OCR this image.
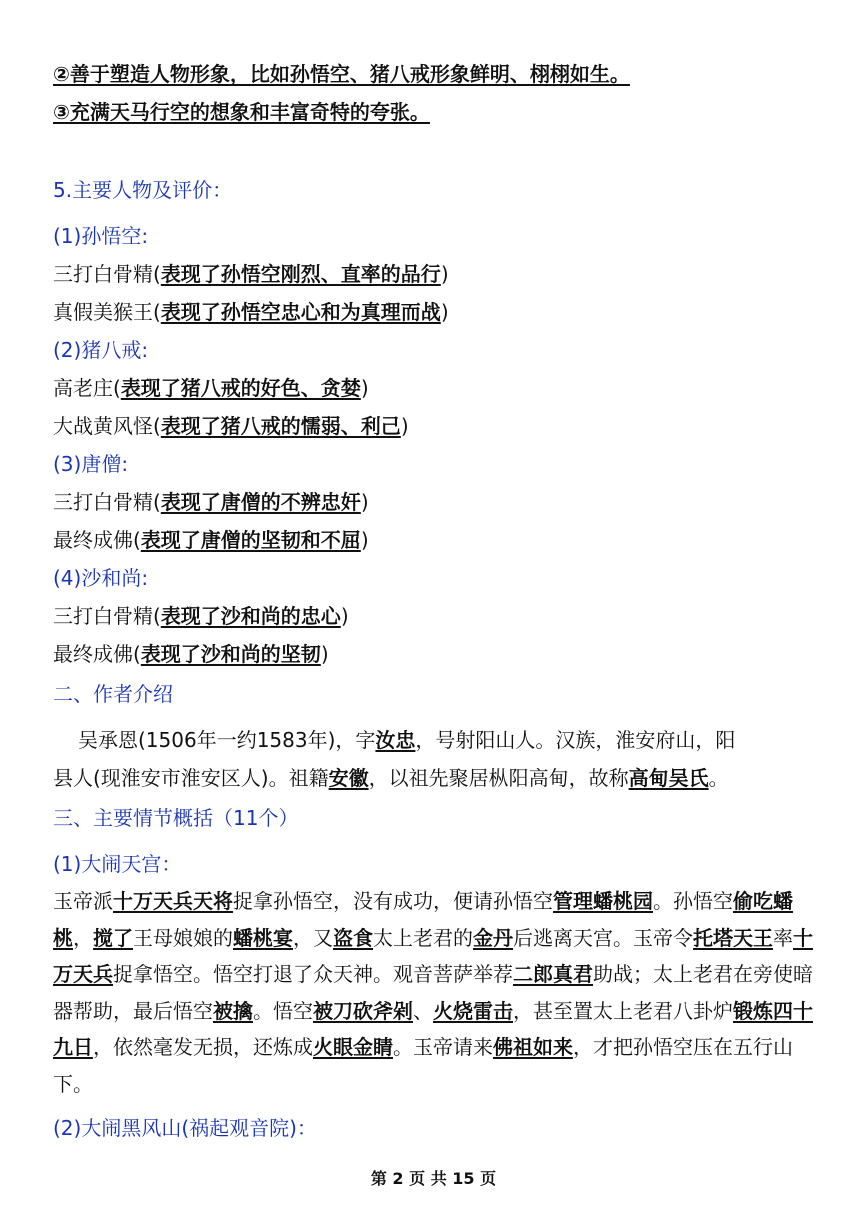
②善于塑造人物形象，比如孙悟空、猪八戒形象鲜明、栩栩如生。
③充满天马行空的想象和丰富奇特的夸张。
5.主要人物及评价：
(1)孙悟空:
三打白骨精(表现了孙悟空刚烈、直率的品行)
真假美猴王(表现了孙悟空忠心和为真理而战)
(2)猪八戒:
高老庄(表现了猪八戒的好色、贪婪)
大战黄风怪(表现了猪八戒的懦弱、利己)
(3)唐僧:
三打白骨精(表现了唐僧的不辨忠奸)
最终成佛(表现了唐僧的坚韧和不屈)
(4)沙和尚:
三打白骨精(表现了沙和尚的忠心)
最终成佛(表现了沙和尚的坚韧)
二、作者介绍
吴承恩(1506年一约1583年)，字汝忠，号射阳山人。汉族，淮安府山，阳
县人(现淮安市淮安区人)。祖籍安徽，以祖先聚居枞阳高甸，故称高甸吴氏。
三、主要情节概括（11个）
(1)大闹天宫：
玉帝派十万天兵天将捉拿孙悟空，没有成功，便请孙悟空管理蟠桃园。孙悟空偷吃蟠桃，搅了王母娘娘的蟠桃宴，又盗食太上老君的金丹后逃离天宫。玉帝令托塔天王率十万天兵捉拿悟空。悟空打退了众天神。观音菩萨举荐二郎真君助战；太上老君在旁使暗器帮助，最后悟空被擒。悟空被刀砍斧剁、火烧雷击，甚至置太上老君八卦炉锻炼四十九日，依然毫发无损，还炼成火眼金睛。玉帝请来佛祖如来，才把孙悟空压在五行山下。
(2)大闹黑风山(祸起观音院)：
第 2 页 共 15 页
